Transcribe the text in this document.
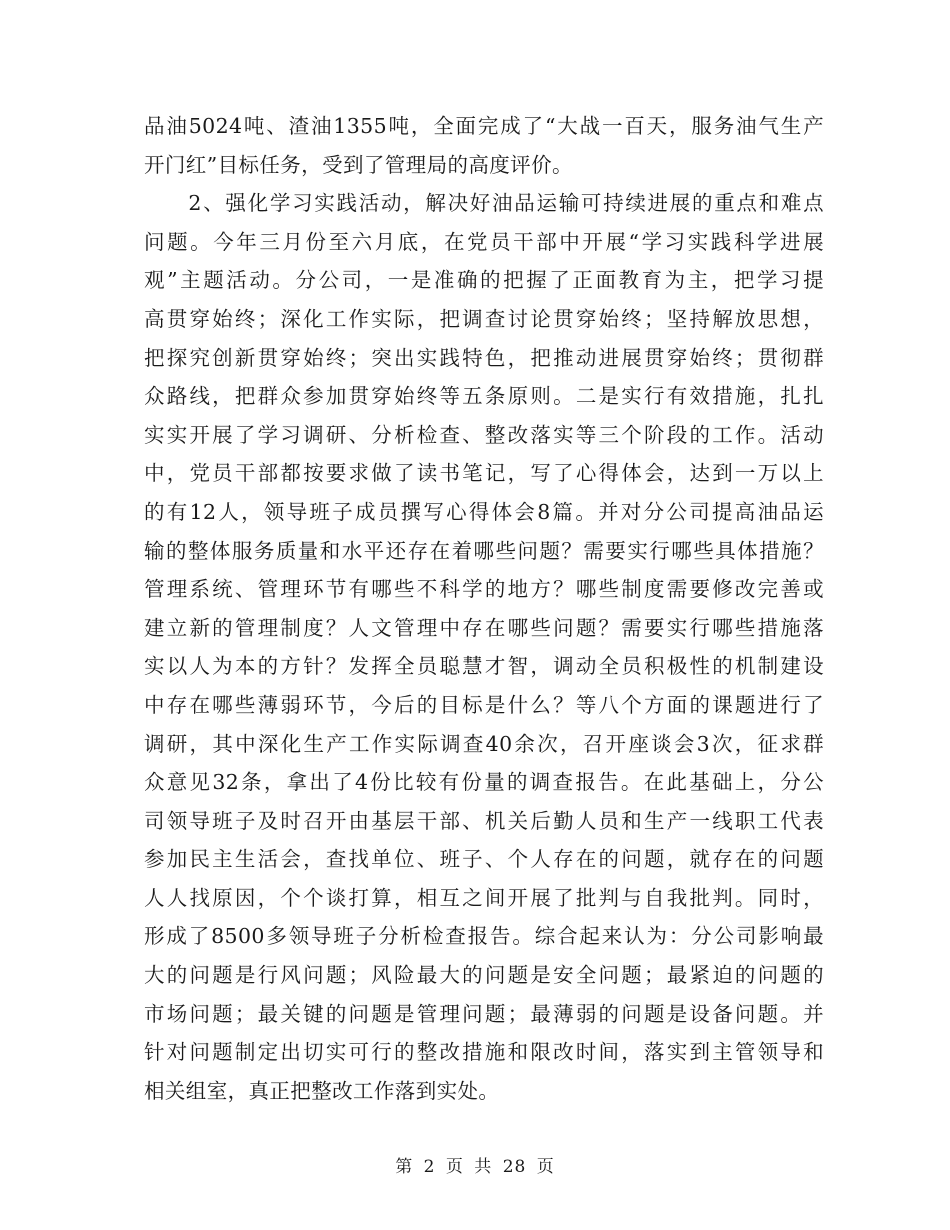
品油5024吨、渣油1355吨，全面完成了“大战一百天，服务油气生产
开门红”目标任务，受到了管理局的高度评价。
　　2、强化学习实践活动，解决好油品运输可持续进展的重点和难点
问题。今年三月份至六月底，在党员干部中开展“学习实践科学进展
观”主题活动。分公司，一是准确的把握了正面教育为主，把学习提
高贯穿始终；深化工作实际，把调查讨论贯穿始终；坚持解放思想，
把探究创新贯穿始终；突出实践特色，把推动进展贯穿始终；贯彻群
众路线，把群众参加贯穿始终等五条原则。二是实行有效措施，扎扎
实实开展了学习调研、分析检查、整改落实等三个阶段的工作。活动
中，党员干部都按要求做了读书笔记，写了心得体会，达到一万以上
的有12人，领导班子成员撰写心得体会8篇。并对分公司提高油品运
输的整体服务质量和水平还存在着哪些问题？需要实行哪些具体措施？
管理系统、管理环节有哪些不科学的地方？哪些制度需要修改完善或
建立新的管理制度？人文管理中存在哪些问题？需要实行哪些措施落
实以人为本的方针？发挥全员聪慧才智，调动全员积极性的机制建设
中存在哪些薄弱环节，今后的目标是什么？等八个方面的课题进行了
调研，其中深化生产工作实际调查40余次，召开座谈会3次，征求群
众意见32条，拿出了4份比较有份量的调查报告。在此基础上，分公
司领导班子及时召开由基层干部、机关后勤人员和生产一线职工代表
参加民主生活会，查找单位、班子、个人存在的问题，就存在的问题
人人找原因，个个谈打算，相互之间开展了批判与自我批判。同时，
形成了8500多领导班子分析检查报告。综合起来认为：分公司影响最
大的问题是行风问题；风险最大的问题是安全问题；最紧迫的问题的
市场问题；最关键的问题是管理问题；最薄弱的问题是设备问题。并
针对问题制定出切实可行的整改措施和限改时间，落实到主管领导和
相关组室，真正把整改工作落到实处。
第 2 页 共 28 页
